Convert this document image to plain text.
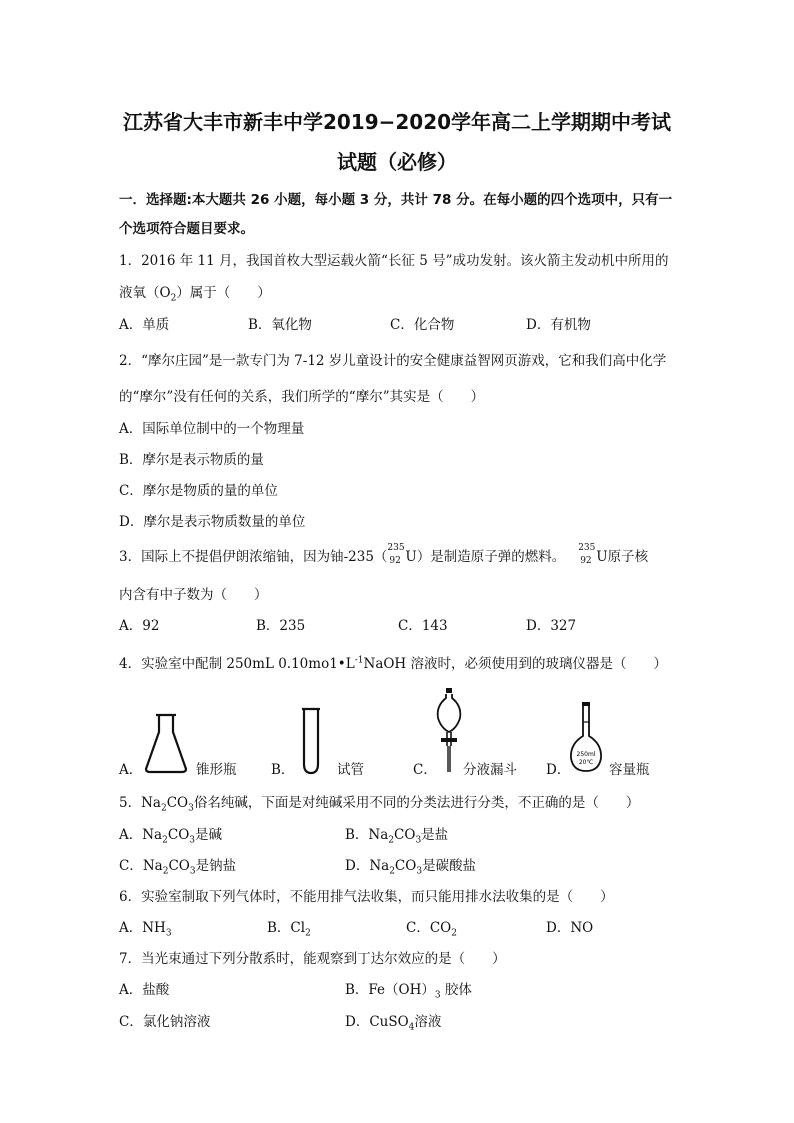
江苏省大丰市新丰中学2019−2020学年高二上学期期中考试
试题（必修）
一．选择题:本大题共 26 小题，每小题 3 分，共计 78 分。在每小题的四个选项中，只有一
个选项符合题目要求。
1．2016 年 11 月，我国首枚大型运载火箭“长征 5 号”成功发射。该火箭主发动机中所用的
液氧$(O_2)$属于（　　）
A．单质	B．氧化物	C．化合物	D．有机物
2．“摩尔庄园”是一款专门为 7-12 岁儿童设计的安全健康益智网页游戏，它和我们高中化学
的“摩尔”没有任何的关系，我们所学的“摩尔”其实是（　　）
A．国际单位制中的一个物理量
B．摩尔是表示物质的量
C．摩尔是物质的量的单位
D．摩尔是表示物质数量的单位
3．国际上不提倡伊朗浓缩铀，因为铀-235（
235
92 U）是制造原子弹的燃料。
235
92 U原子核
内含有中子数为（　　）
A．92	B．235	C．143	D．327
4．实验室中配制 250mL $0.10mo1•L^{-1}NaOH$ 溶液时，必须使用到的玻璃仪器是（　　）
A．	锥形瓶	B．	试管	C． 分液漏斗 D．
250ml
20℃ 容量瓶
5．$Na_2CO_3$俗名纯碱，下面是对纯碱采用不同的分类法进行分类，不正确的是（　　）
A．$Na_2CO_3$是碱	B．$Na_2CO_3$是盐
C．$Na_2CO_3$是钠盐	D．$Na_2CO_3$是碳酸盐
6．实验室制取下列气体时，不能用排气法收集，而只能用排水法收集的是（　　）
A．$NH_3$	B．$Cl_2$	C．$CO_2$	D．NO
7．当光束通过下列分散系时，能观察到丁达尔效应的是（　　）
A．盐酸	B．$Fe(OH)_3$ 胶体
C．氯化钠溶液	D．CuSO$_4$溶液
